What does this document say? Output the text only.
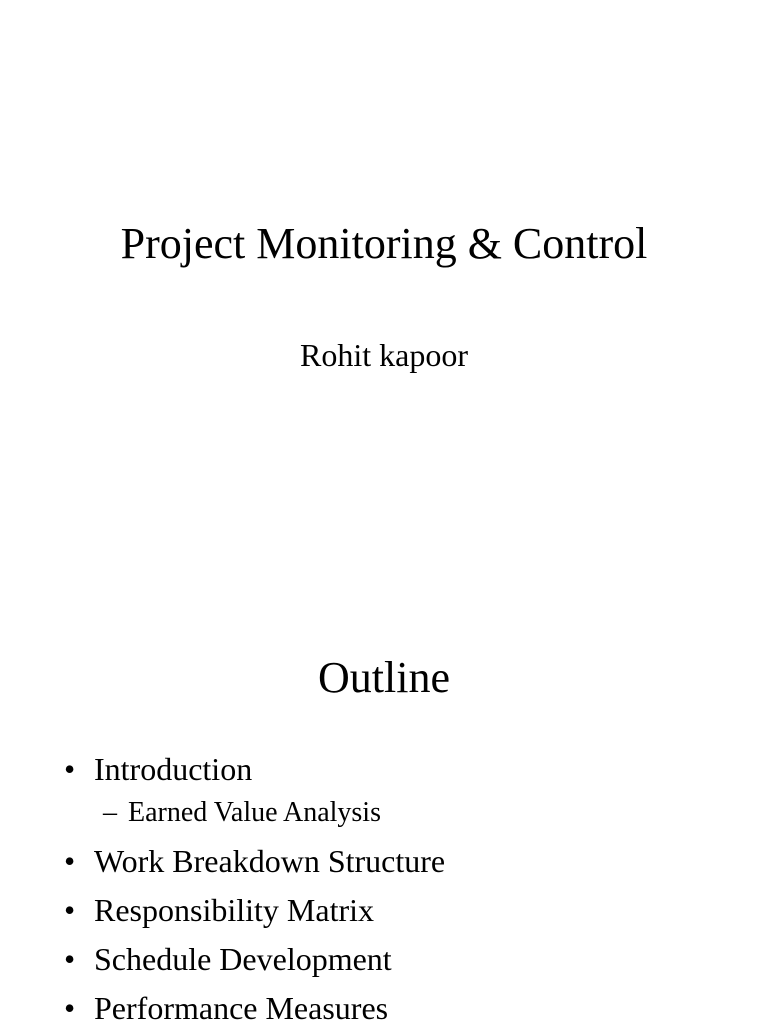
Project Monitoring & Control
Rohit kapoor
Outline
• Introduction
– Earned Value Analysis
• Work Breakdown Structure
• Responsibility Matrix
• Schedule Development
• Performance Measures
